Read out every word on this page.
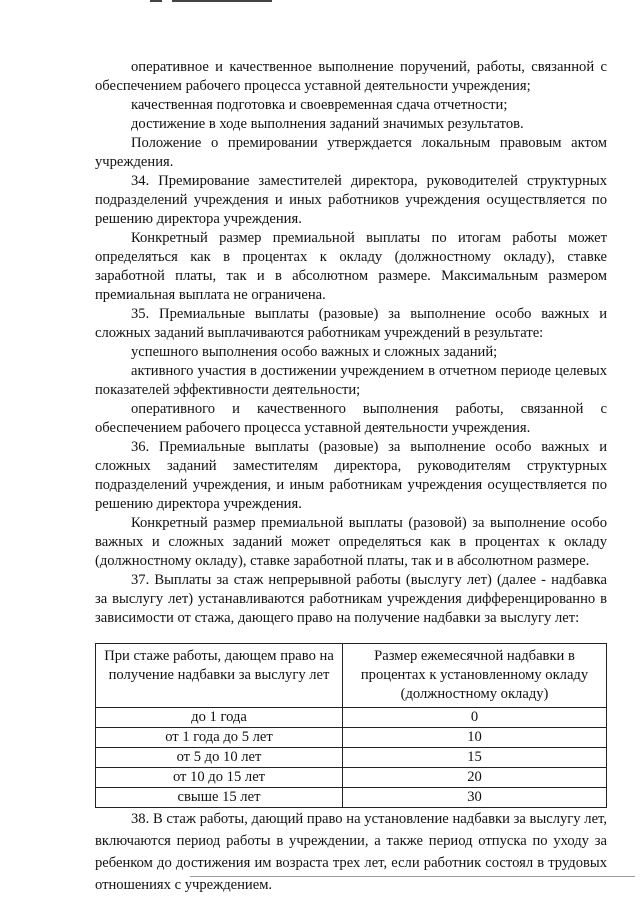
оперативное и качественное выполнение поручений, работы, связанной с обеспечением рабочего процесса уставной деятельности учреждения;

качественная подготовка и своевременная сдача отчетности;

достижение в ходе выполнения заданий значимых результатов.

Положение о премировании утверждается локальным правовым актом учреждения.

34. Премирование заместителей директора, руководителей структурных подразделений учреждения и иных работников учреждения осуществляется по решению директора учреждения.

Конкретный размер премиальной выплаты по итогам работы может определяться как в процентах к окладу (должностному окладу), ставке заработной платы, так и в абсолютном размере. Максимальным размером премиальная выплата не ограничена.

35. Премиальные выплаты (разовые) за выполнение особо важных и сложных заданий выплачиваются работникам учреждений в результате:

успешного выполнения особо важных и сложных заданий;

активного участия в достижении учреждением в отчетном периоде целевых показателей эффективности деятельности;

оперативного и качественного выполнения работы, связанной с обеспечением рабочего процесса уставной деятельности учреждения.

36. Премиальные выплаты (разовые) за выполнение особо важных и сложных заданий заместителям директора, руководителям структурных подразделений учреждения, и иным работникам учреждения осуществляется по решению директора учреждения.

Конкретный размер премиальной выплаты (разовой) за выполнение особо важных и сложных заданий может определяться как в процентах к окладу (должностному окладу), ставке заработной платы, так и в абсолютном размере.

37. Выплаты за стаж непрерывной работы (выслугу лет) (далее - надбавка за выслугу лет) устанавливаются работникам учреждения дифференцированно в зависимости от стажа, дающего право на получение надбавки за выслугу лет:

При стаже работы, дающем право на получение надбавки за выслугу лет	Размер ежемесячной надбавки в процентах к установленному окладу (должностному окладу)
до 1 года	0
от 1 года до 5 лет	10
от 5 до 10 лет	15
от 10 до 15 лет	20
свыше 15 лет	30

38. В стаж работы, дающий право на установление надбавки за выслугу лет, включаются период работы в учреждении, а также период отпуска по уходу за ребенком до достижения им возраста трех лет, если работник состоял в трудовых отношениях с учреждением.
